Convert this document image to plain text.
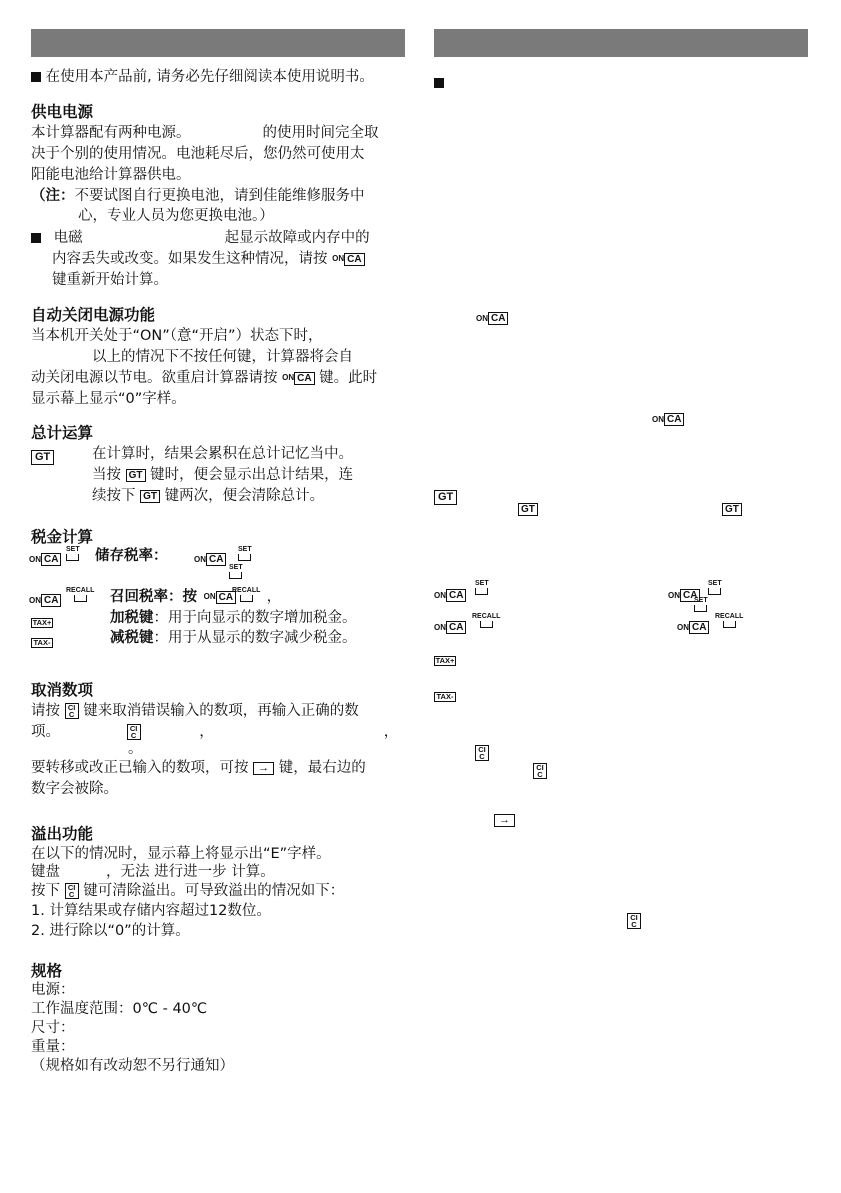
在使用本产品前, 请务必先仔细阅读本使用说明书。
供电电源
本计算器配有两种电源。	的使用时间完全取
决于个别的使用情况。电池耗尽后，您仍然可使用太
阳能电池给计算器供电。
（注：不要试图自行更换电池，请到佳能维修服务中
心，专业人员为您更换电池。）
电磁	起显示故障或内存中的
内容丢失或改变。如果发生这种情况，请按 ON CA
键重新开始计算。
自动关闭电源功能
当本机开关处于“ON”（意“开启”）状态下时，
以上的情况下不按任何键，计算器将会自
动关闭电源以节电。欲重启计算器请按 ON CA 键。此时
显示幕上显示“0”字样。
ON CA
总计运算
GT	在计算时，结果会累积在总计记忆当中。
当按 GT 键时，便会显示出总计结果，连
续按下 GT 键两次，便会清除总计。
ON CA
GT
GT	GT
税金计算
ON CA
SET 储存税率：	ON CA
SET
SET
ON CA
RECALL 召回税率：按 ON CA ，
RECALL
TAX+	加税键：用于向显示的数字增加税金。
TAX-	减税键：用于从显示的数字减少税金。
ON CA
SET
ON CA
SET
SET
ON CA
RECALL
ON CA
RECALL
TAX+
TAX-
取消数项
请按 CI
C 键来取消错误输入的数项，再输入正确的数
项。	CI
C	，	，
。
要转移或改正已输入的数项，可按 → 键，最右边的
数字会被除。
CI
C
CI
C
→
溢出功能
在以下的情况时，显示幕上将显示出“E”字样。
键盘	，无法 进行进一步 计算。
按下 CI
C 键可清除溢出。可导致溢出的情况如下：
1. 计算结果或存储内容超过12数位。
2. 进行除以“0”的计算。
CI
C
规格
电源：
工作温度范围：0℃ - 40℃
尺寸：
重量：
（规格如有改动恕不另行通知）
